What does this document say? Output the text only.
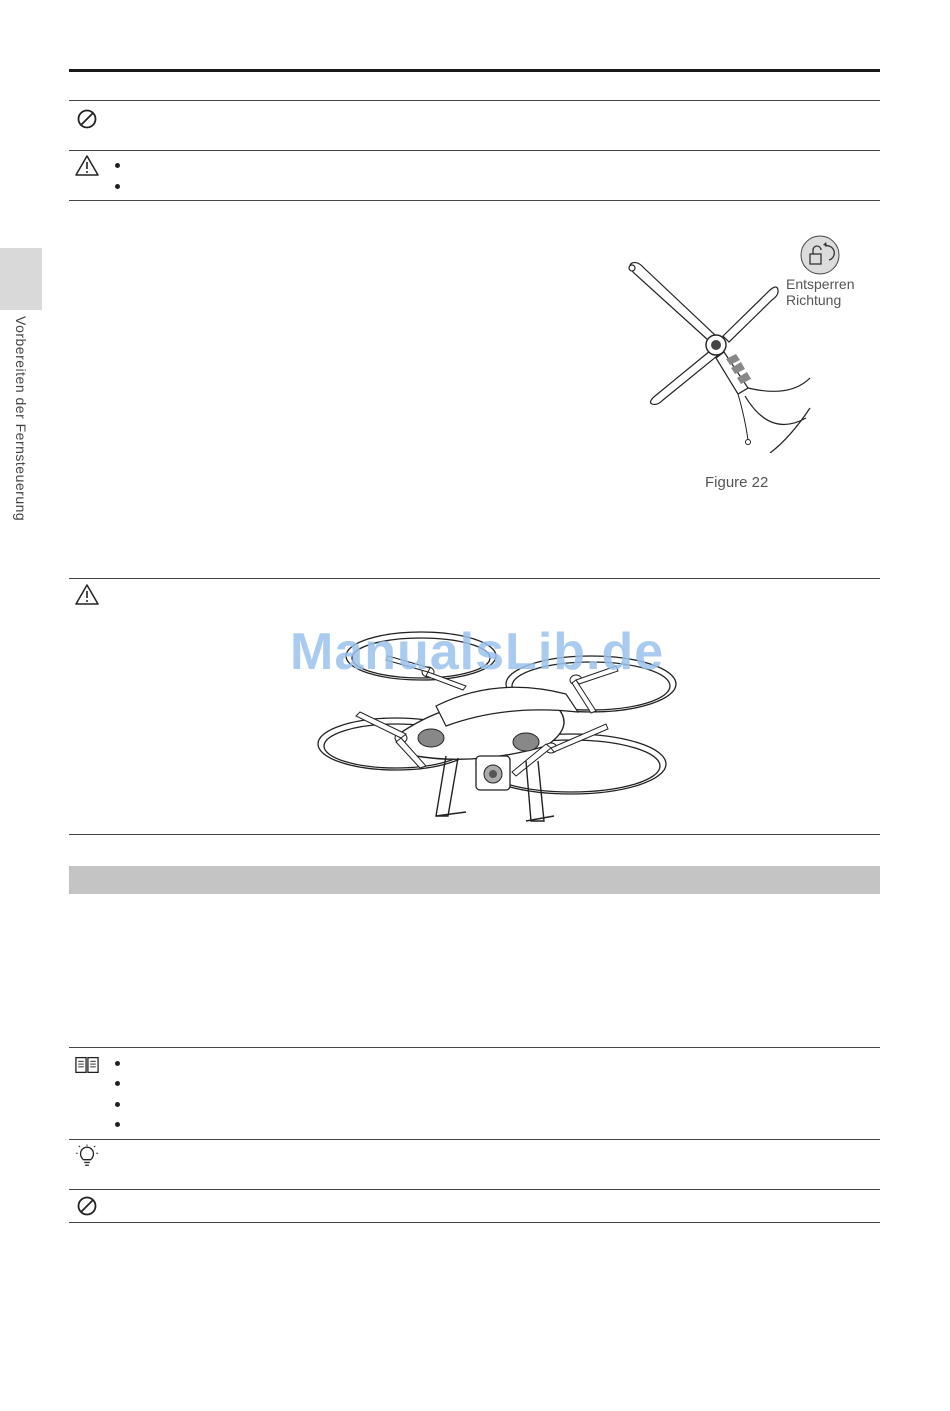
Vorbereiten der Fernsteuerung
Entsperren
Richtung
Figure 22
ManualsLib.de
